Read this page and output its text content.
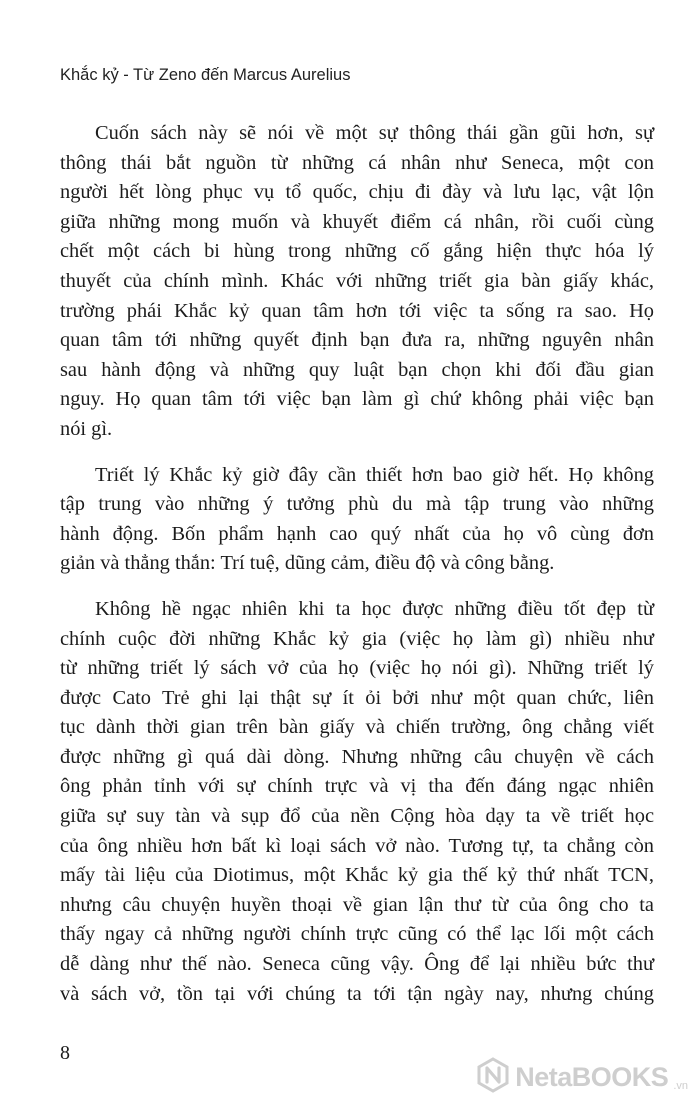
Khắc kỷ - Từ Zeno đến Marcus Aurelius

Cuốn sách này sẽ nói về một sự thông thái gần gũi hơn, sự
thông thái bắt nguồn từ những cá nhân như Seneca, một con
người hết lòng phục vụ tổ quốc, chịu đi đày và lưu lạc, vật lộn
giữa những mong muốn và khuyết điểm cá nhân, rồi cuối cùng
chết một cách bi hùng trong những cố gắng hiện thực hóa lý
thuyết của chính mình. Khác với những triết gia bàn giấy khác,
trường phái Khắc kỷ quan tâm hơn tới việc ta sống ra sao. Họ
quan tâm tới những quyết định bạn đưa ra, những nguyên nhân
sau hành động và những quy luật bạn chọn khi đối đầu gian
nguy. Họ quan tâm tới việc bạn làm gì chứ không phải việc bạn
nói gì.

Triết lý Khắc kỷ giờ đây cần thiết hơn bao giờ hết. Họ không
tập trung vào những ý tưởng phù du mà tập trung vào những
hành động. Bốn phẩm hạnh cao quý nhất của họ vô cùng đơn
giản và thẳng thắn: Trí tuệ, dũng cảm, điều độ và công bằng.

Không hề ngạc nhiên khi ta học được những điều tốt đẹp từ
chính cuộc đời những Khắc kỷ gia (việc họ làm gì) nhiều như
từ những triết lý sách vở của họ (việc họ nói gì). Những triết lý
được Cato Trẻ ghi lại thật sự ít ỏi bởi như một quan chức, liên
tục dành thời gian trên bàn giấy và chiến trường, ông chẳng viết
được những gì quá dài dòng. Nhưng những câu chuyện về cách
ông phản tỉnh với sự chính trực và vị tha đến đáng ngạc nhiên
giữa sự suy tàn và sụp đổ của nền Cộng hòa dạy ta về triết học
của ông nhiều hơn bất kì loại sách vở nào. Tương tự, ta chẳng còn
mấy tài liệu của Diotimus, một Khắc kỷ gia thế kỷ thứ nhất TCN,
nhưng câu chuyện huyền thoại về gian lận thư từ của ông cho ta
thấy ngay cả những người chính trực cũng có thể lạc lối một cách
dễ dàng như thế nào. Seneca cũng vậy. Ông để lại nhiều bức thư
và sách vở, tồn tại với chúng ta tới tận ngày nay, nhưng chúng

8
NetaBOOKS .vn
